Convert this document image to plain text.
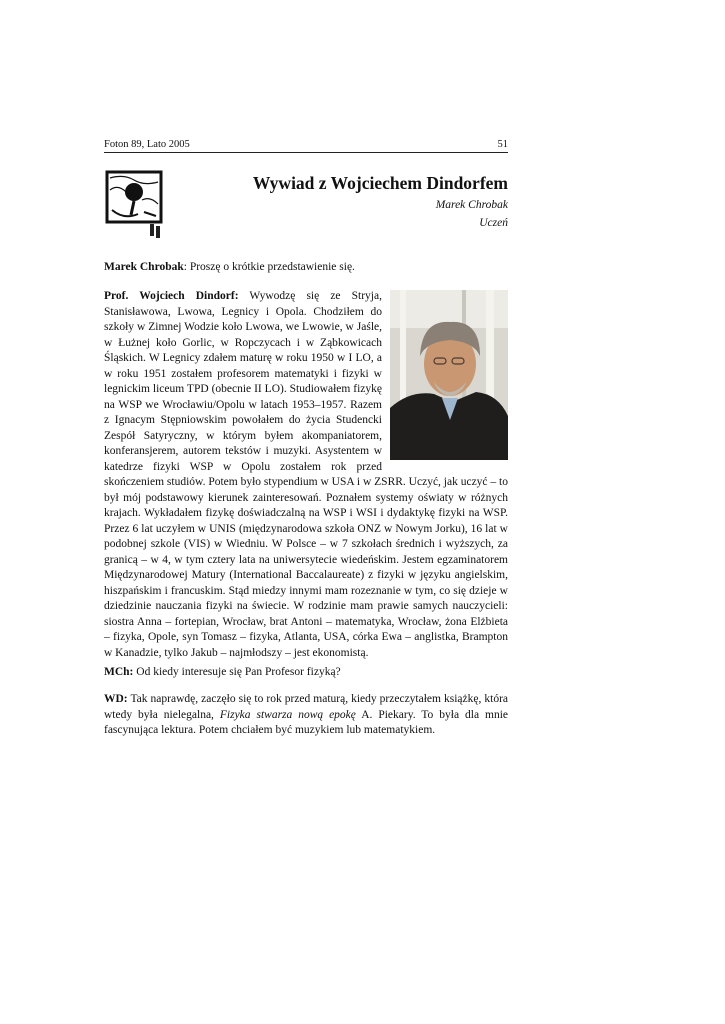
Foton 89, Lato 2005	51
Wywiad z Wojciechem Dindorfem
Marek Chrobak
Uczeń

Marek Chrobak: Proszę o krótkie przedstawienie się.

Prof. Wojciech Dindorf: Wywodzę się ze Stryja, Stanisławowa, Lwowa, Legnicy i Opola. Chodziłem do szkoły w Zimnej Wodzie koło Lwowa, we Lwowie, w Jaśle, w Łużnej koło Gorlic, w Ropczycach i w Ząbkowicach Śląskich. W Legnicy zdałem maturę w roku 1950 w I LO, a w roku 1951 zostałem profesorem matematyki i fizyki w legnickim liceum TPD (obecnie II LO). Studiowałem fizykę na WSP we Wrocławiu/Opolu w latach 1953–1957. Razem z Ignacym Stępniowskim powołałem do życia Studencki Zespół Satyryczny, w którym byłem akompaniatorem, konferansjerem, autorem tekstów i muzyki. Asystentem w katedrze fizyki WSP w Opolu zostałem rok przed skończeniem studiów. Potem było stypendium w USA i w ZSRR. Uczyć, jak uczyć – to był mój podstawowy kierunek zainteresowań. Poznałem systemy oświaty w różnych krajach. Wykładałem fizykę doświadczalną na WSP i WSI i dydaktykę fizyki na WSP. Przez 6 lat uczyłem w UNIS (międzynarodowa szkoła ONZ w Nowym Jorku), 16 lat w podobnej szkole (VIS) w Wiedniu. W Polsce – w 7 szkołach średnich i wyższych, za granicą – w 4, w tym cztery lata na uniwersytecie wiedeńskim. Jestem egzaminatorem Międzynarodowej Matury (International Baccalaureate) z fizyki w języku angielskim, hiszpańskim i francuskim. Stąd miedzy innymi mam rozeznanie w tym, co się dzieje w dziedzinie nauczania fizyki na świecie. W rodzinie mam prawie samych nauczycieli: siostra Anna – fortepian, Wrocław, brat Antoni – matematyka, Wrocław, żona Elżbieta – fizyka, Opole, syn Tomasz – fizyka, Atlanta, USA, córka Ewa – anglistka, Brampton w Kanadzie, tylko Jakub – najmłodszy – jest ekonomistą.

MCh: Od kiedy interesuje się Pan Profesor fizyką?

WD: Tak naprawdę, zaczęło się to rok przed maturą, kiedy przeczytałem książkę, która wtedy była nielegalna, Fizyka stwarza nową epokę A. Piekary. To była dla mnie fascynująca lektura. Potem chciałem być muzykiem lub matematykiem.
